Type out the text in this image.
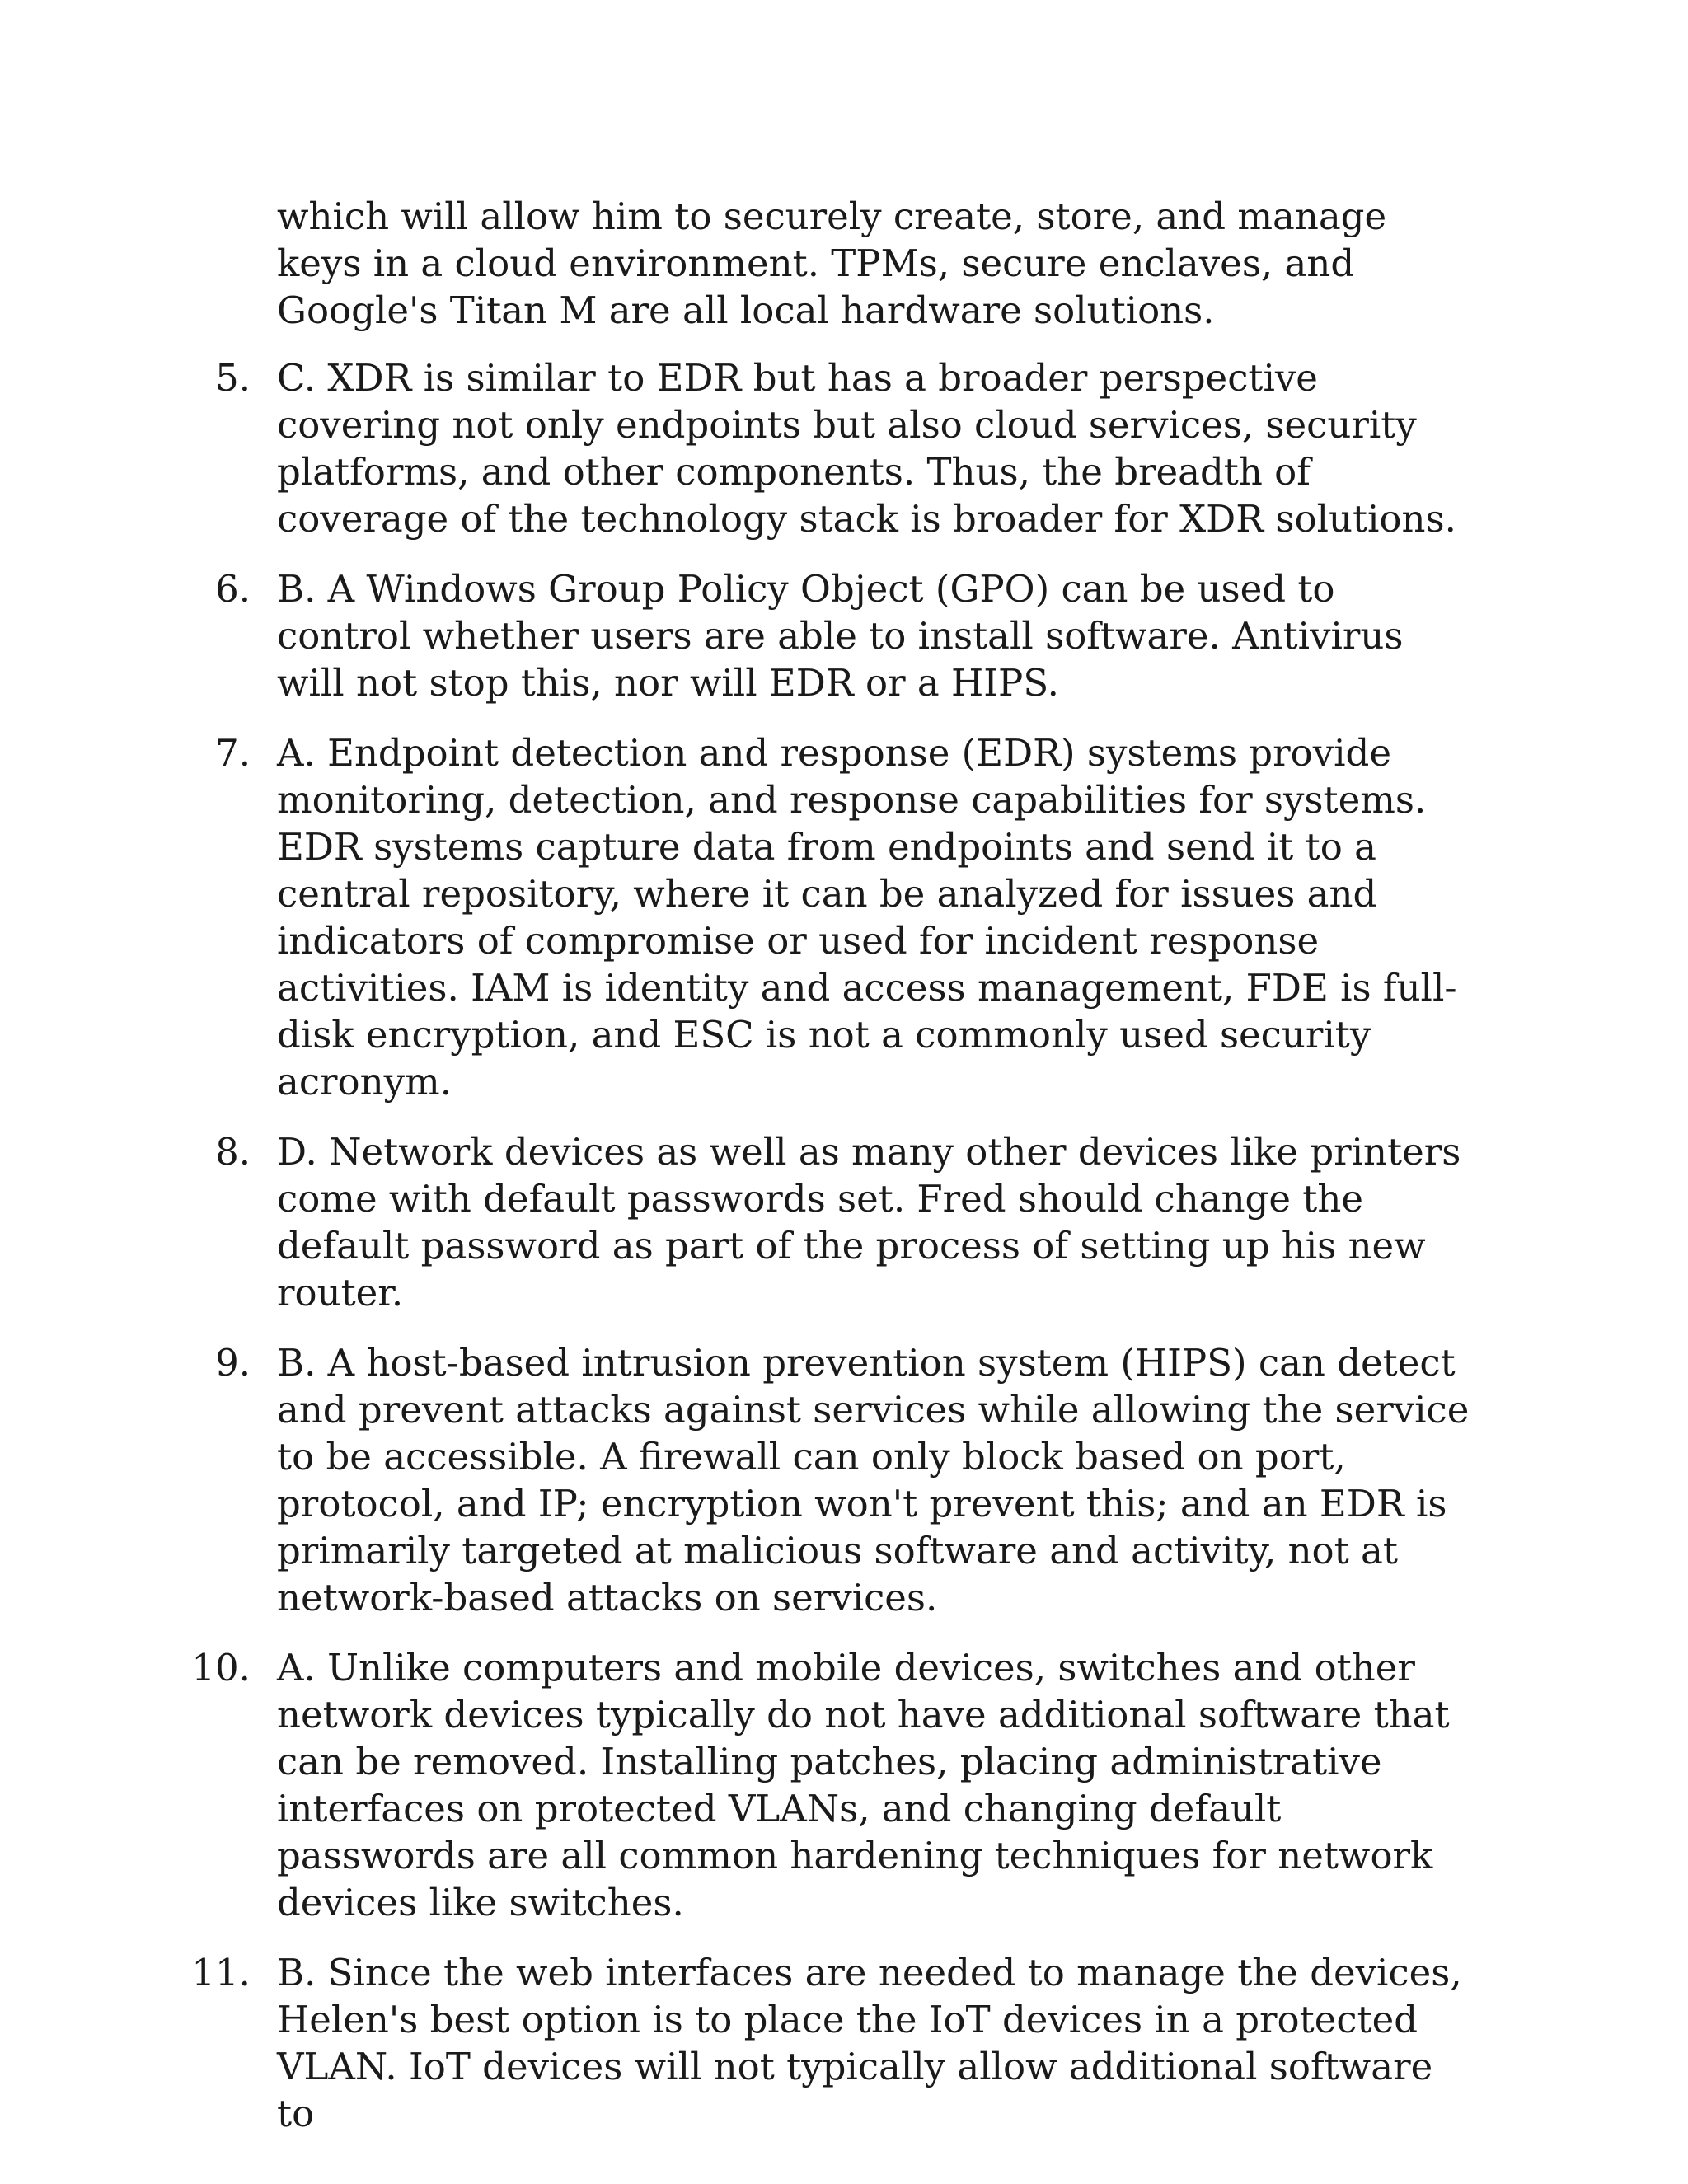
which will allow him to securely create, store, and manage keys in a cloud environment. TPMs, secure enclaves, and Google's Titan M are all local hardware solutions.

5. C. XDR is similar to EDR but has a broader perspective covering not only endpoints but also cloud services, security platforms, and other components. Thus, the breadth of coverage of the technology stack is broader for XDR solutions.
6. B. A Windows Group Policy Object (GPO) can be used to control whether users are able to install software. Antivirus will not stop this, nor will EDR or a HIPS.
7. A. Endpoint detection and response (EDR) systems provide monitoring, detection, and response capabilities for systems. EDR systems capture data from endpoints and send it to a central repository, where it can be analyzed for issues and indicators of compromise or used for incident response activities. IAM is identity and access management, FDE is full-disk encryption, and ESC is not a commonly used security acronym.
8. D. Network devices as well as many other devices like printers come with default passwords set. Fred should change the default password as part of the process of setting up his new router.
9. B. A host-based intrusion prevention system (HIPS) can detect and prevent attacks against services while allowing the service to be accessible. A firewall can only block based on port, protocol, and IP; encryption won't prevent this; and an EDR is primarily targeted at malicious software and activity, not at network-based attacks on services.
10. A. Unlike computers and mobile devices, switches and other network devices typically do not have additional software that can be removed. Installing patches, placing administrative interfaces on protected VLANs, and changing default passwords are all common hardening techniques for network devices like switches.
11. B. Since the web interfaces are needed to manage the devices, Helen's best option is to place the IoT devices in a protected VLAN. IoT devices will not typically allow additional software to
